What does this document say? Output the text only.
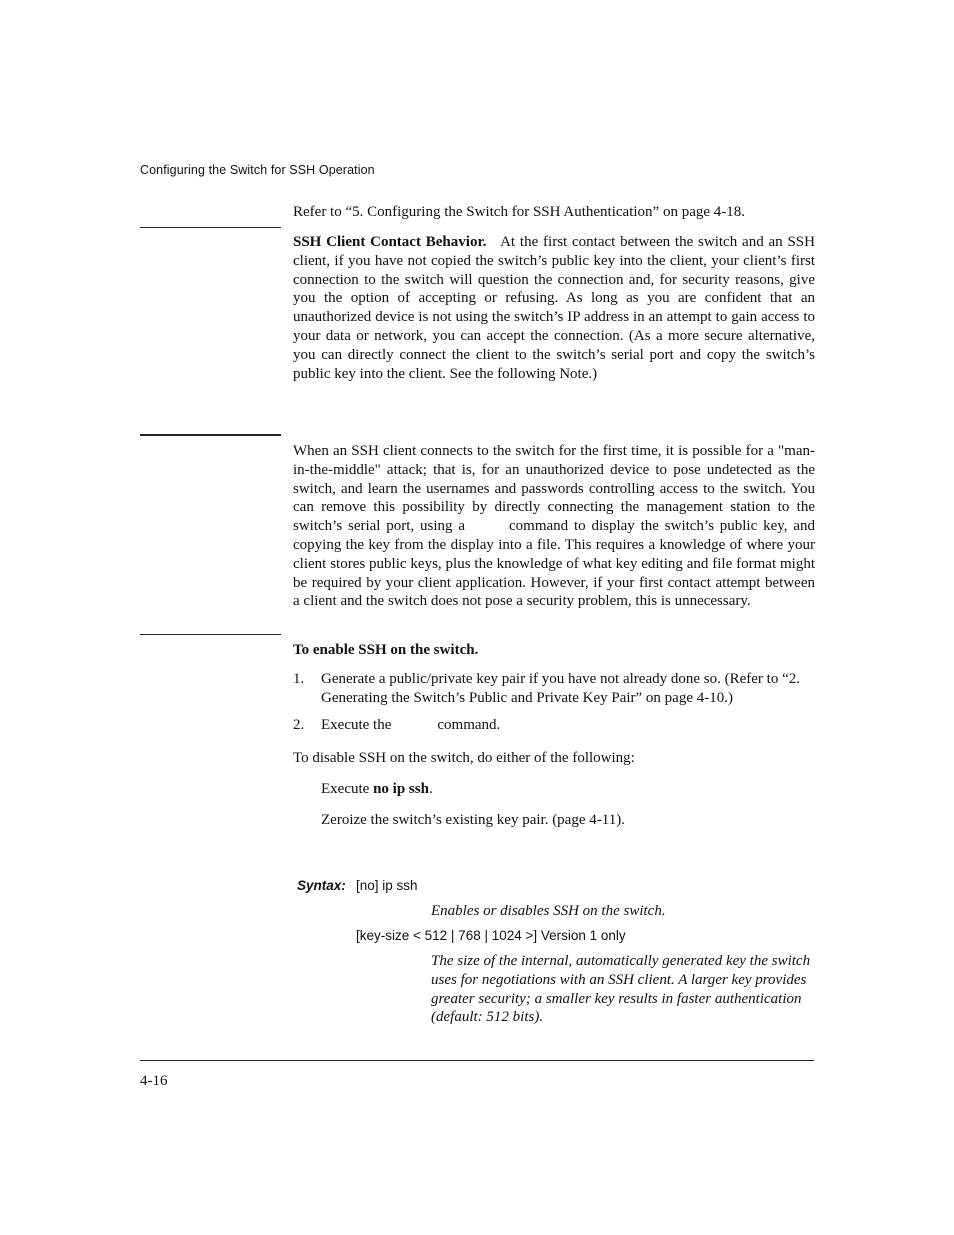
Configuring the Switch for SSH Operation
Refer to “5. Configuring the Switch for SSH Authentication” on page 4-18.
SSH Client Contact Behavior. At the first contact between the switch and an SSH client, if you have not copied the switch’s public key into the client, your client’s first connection to the switch will question the connection and, for security reasons, give you the option of accepting or refusing. As long as you are confident that an unauthorized device is not using the switch’s IP address in an attempt to gain access to your data or network, you can accept the connection. (As a more secure alternative, you can directly connect the client to the switch’s serial port and copy the switch’s public key into the client. See the following Note.)
When an SSH client connects to the switch for the first time, it is possible for a "man-in-the-middle" attack; that is, for an unauthorized device to pose undetected as the switch, and learn the usernames and passwords controlling access to the switch. You can remove this possibility by directly connecting the management station to the switch’s serial port, using a	command to display the switch’s public key, and copying the key from the display into a file. This requires a knowledge of where your client stores public keys, plus the knowledge of what key editing and file format might be required by your client application. However, if your first contact attempt between a client and the switch does not pose a security problem, this is unnecessary.
To enable SSH on the switch.
1. Generate a public/private key pair if you have not already done so. (Refer to “2. Generating the Switch’s Public and Private Key Pair” on page 4-10.)
2. Execute the	command.
To disable SSH on the switch, do either of the following:
Execute no ip ssh.
Zeroize the switch’s existing key pair. (page 4-11).
Syntax: [no] ip ssh
Enables or disables SSH on the switch.
[key-size < 512 | 768 | 1024 >] Version 1 only
The size of the internal, automatically generated key the switch uses for negotiations with an SSH client. A larger key provides greater security; a smaller key results in faster authentication (default: 512 bits).
4-16
